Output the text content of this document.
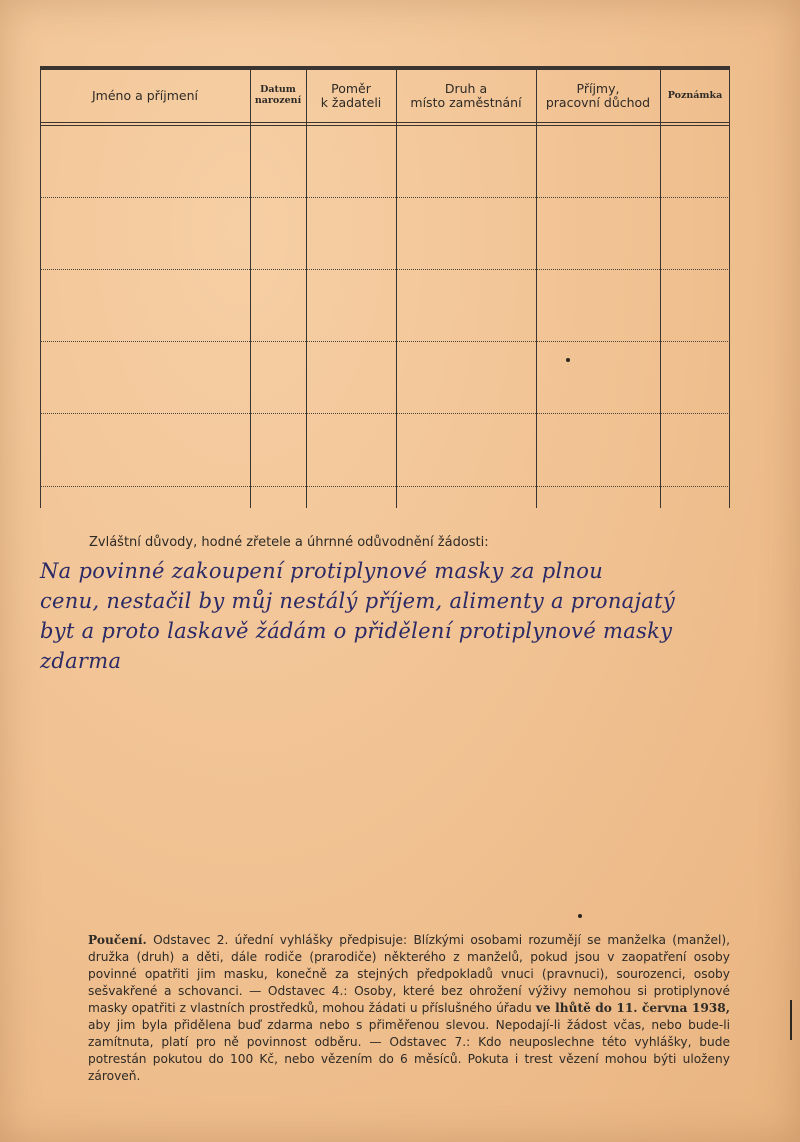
Jméno a příjmení	Datum
narození
Poměr
k žadateli
Druh a
místo zaměstnání
Příjmy,
pracovní důchod Poznámka
Zvláštní důvody, hodné zřetele a úhrnné odůvodnění žádosti:
Na povinné zakoupení protiplynové masky za plnou
cenu, nestačil by můj nestálý příjem, alimenty a pronajatý
byt a proto laskavě žádám o přidělení protiplynové masky
zdarma
Poučení. Odstavec 2. úřední vyhlášky předpisuje: Blízkými osobami rozumějí se manželka (manžel), družka (druh) a děti, dále rodiče (prarodiče) některého z manželů, pokud jsou v zaopatření osoby povinné opatřiti jim masku, konečně za stejných předpokladů vnuci (pravnuci), sourozenci, osoby sešvakřené a schovanci. — Odstavec 4.: Osoby, které bez ohrožení výživy nemohou si protiplynové masky opatřiti z vlastních prostředků, mohou žádati u příslušného úřadu ve lhůtě do 11. června 1938, aby jim byla přidělena buď zdarma nebo s přiměřenou slevou. Nepodají-li žádost včas, nebo bude-li zamítnuta, platí pro ně povinnost odběru. — Odstavec 7.: Kdo neuposlechne této vyhlášky, bude potrestán pokutou do 100 Kč, nebo vězením do 6 měsíců. Pokuta i trest vězení mohou býti uloženy zároveň.
